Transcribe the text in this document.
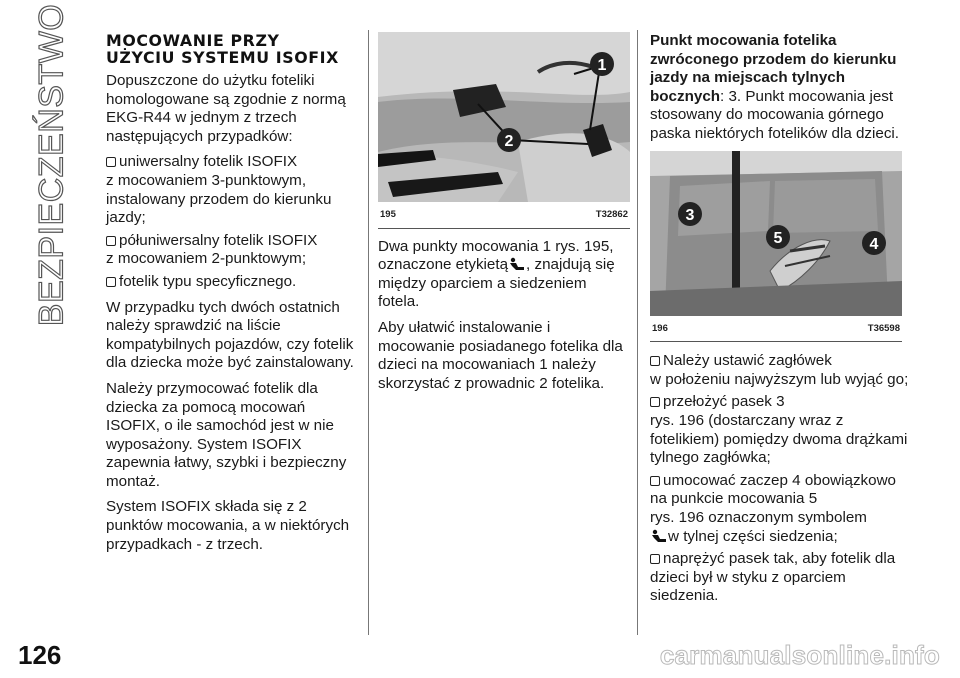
BEZPIECZEŃSTWO MOCOWANIE PRZY
UŻYCIU SYSTEMU ISOFIX

Dopuszczone do użytku foteliki homologowane są zgodnie z normą EKG-R44 w jednym z trzech następujących przypadków:

uniwersalny fotelik ISOFIX
z mocowaniem 3-punktowym, instalowany przodem do kierunku jazdy;
półuniwersalny fotelik ISOFIX
z mocowaniem 2-punktowym;
fotelik typu specyficznego.

W przypadku tych dwóch ostatnich należy sprawdzić na liście kompatybilnych pojazdów, czy fotelik dla dziecka może być zainstalowany.

Należy przymocować fotelik dla dziecka za pomocą mocowań ISOFIX, o ile samochód jest w nie wyposażony. System ISOFIX zapewnia łatwy, szybki i bezpieczny montaż.

System ISOFIX składa się z 2 punktów mocowania, a w niektórych przypadkach - z trzech.

1
2
195	T32862

Dwa punkty mocowania 1 rys. 195, oznaczone etykietą , znajdują się między oparciem a siedzeniem fotela.

Aby ułatwić instalowanie i mocowanie posiadanego fotelika dla dzieci na mocowaniach 1 należy skorzystać z prowadnic 2 fotelika.

Punkt mocowania fotelika zwróconego przodem do kierunku jazdy na miejscach tylnych bocznych: 3. Punkt mocowania jest stosowany do mocowania górnego paska niektórych fotelików dla dzieci.

3
5	4
196	T36598
Należy ustawić zagłówek
w położeniu najwyższym lub wyjąć go;
przełożyć pasek 3
rys. 196 (dostarczany wraz z fotelikiem) pomiędzy dwoma drążkami tylnego zagłówka;
umocować zaczep 4 obowiązkowo
na punkcie mocowania 5
rys. 196 oznaczonym symbolem
w tylnej części siedzenia;
naprężyć pasek tak, aby fotelik dla
dzieci był w styku z oparciem siedzenia.
126	carmanualsonline.info
